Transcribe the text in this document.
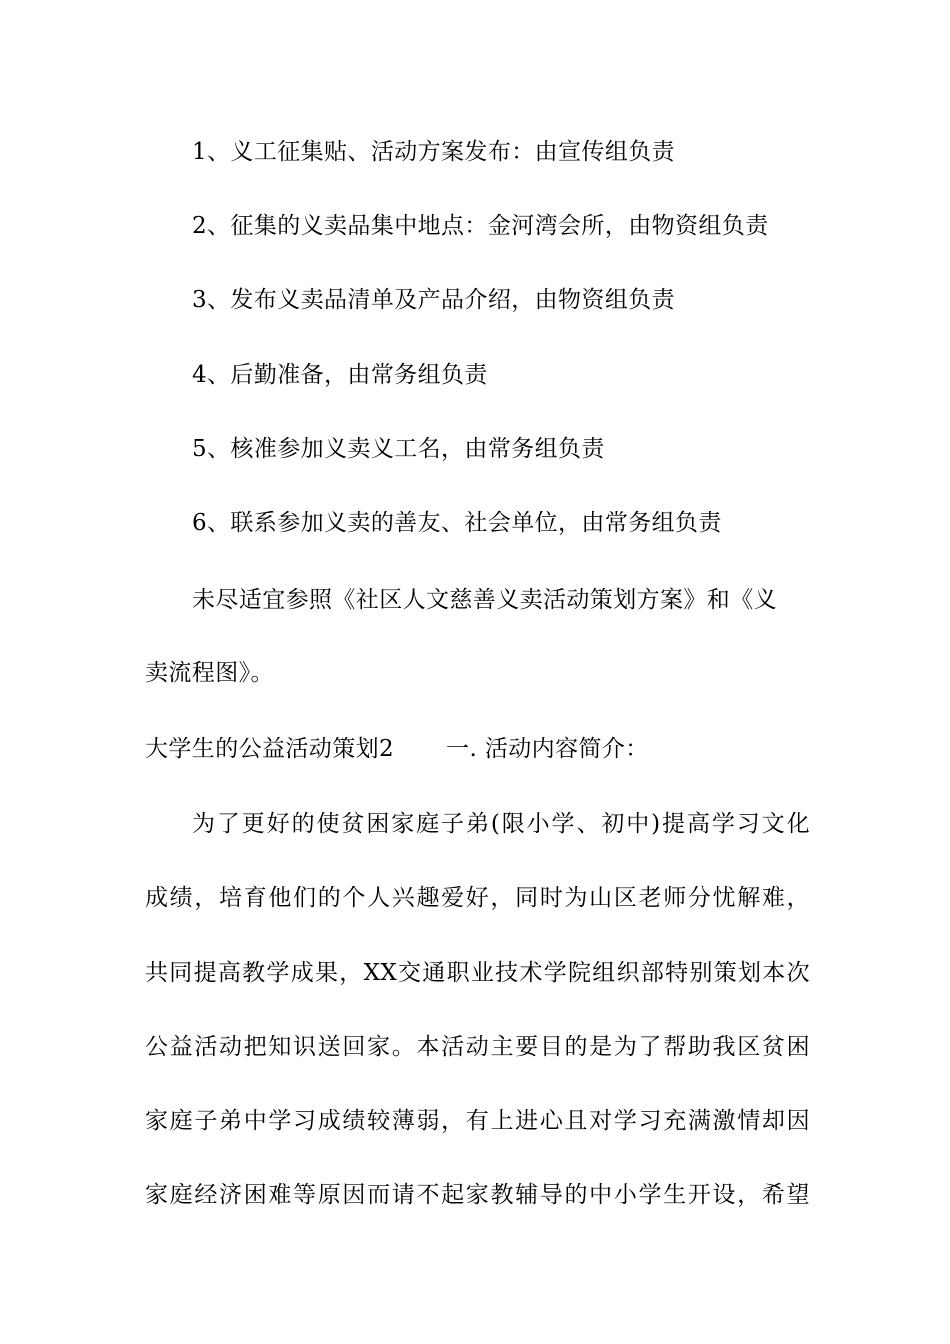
1、义工征集贴、活动方案发布：由宣传组负责

2、征集的义卖品集中地点：金河湾会所，由物资组负责

3、发布义卖品清单及产品介绍，由物资组负责

4、后勤准备，由常务组负责

5、核准参加义卖义工名，由常务组负责

6、联系参加义卖的善友、社会单位，由常务组负责

未尽适宜参照《社区人文慈善义卖活动策划方案》和《义

卖流程图》。

大学生的公益活动策划2 一. 活动内容简介：

为了更好的使贫困家庭子弟(限小学、初中)提高学习文化

成绩，培育他们的个人兴趣爱好，同时为山区老师分忧解难，

共同提高教学成果，XX交通职业技术学院组织部特别策划本次

公益活动把知识送回家。本活动主要目的是为了帮助我区贫困

家庭子弟中学习成绩较薄弱，有上进心且对学习充满激情却因

家庭经济困难等原因而请不起家教辅导的中小学生开设，希望
